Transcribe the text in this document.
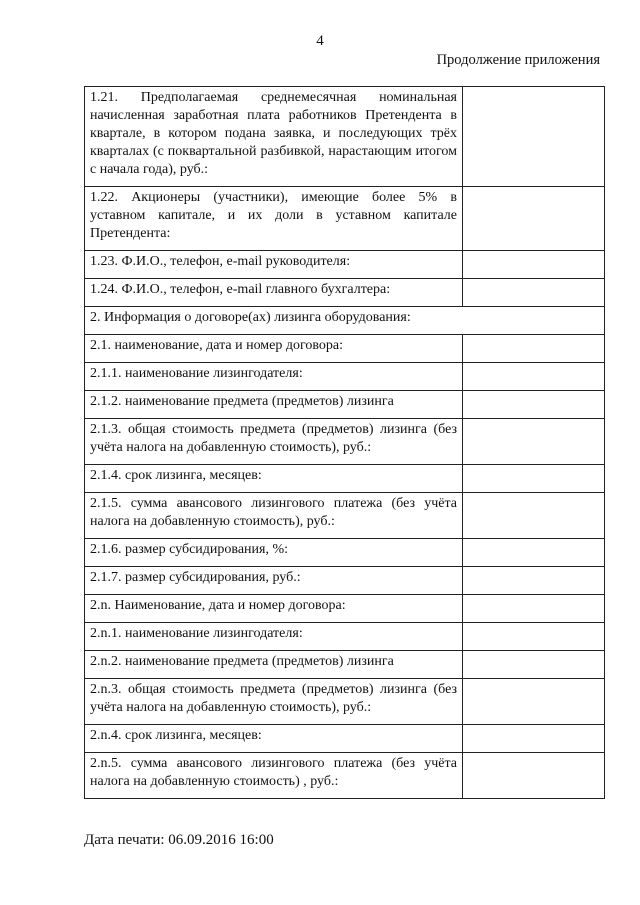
4
Продолжение приложения
1.21. Предполагаемая среднемесячная номинальная начисленная заработная плата работников Претендента в квартале, в котором подана заявка, и последующих трёх кварталах (с поквартальной разбивкой, нарастающим итогом с начала года), руб.:	
1.22. Акционеры (участники), имеющие более 5% в уставном капитале, и их доли в уставном капитале Претендента:	
1.23. Ф.И.О., телефон, e-mail руководителя:	
1.24. Ф.И.О., телефон, e-mail главного бухгалтера:	
2. Информация о договоре(ах) лизинга оборудования:	
2.1. наименование, дата и номер договора:	
2.1.1. наименование лизингодателя:	
2.1.2. наименование предмета (предметов) лизинга	
2.1.3. общая стоимость предмета (предметов) лизинга (без учёта налога на добавленную стоимость), руб.:	
2.1.4. срок лизинга, месяцев:	
2.1.5. сумма авансового лизингового платежа (без учёта налога на добавленную стоимость), руб.:	
2.1.6. размер субсидирования, %:	
2.1.7. размер субсидирования, руб.:	
2.n. Наименование, дата и номер договора:	
2.n.1. наименование лизингодателя:	
2.n.2. наименование предмета (предметов) лизинга	
2.n.3. общая стоимость предмета (предметов) лизинга (без учёта налога на добавленную стоимость), руб.:	
2.n.4. срок лизинга, месяцев:	
2.n.5. сумма авансового лизингового платежа (без учёта налога на добавленную стоимость) , руб.:	
Дата печати: 06.09.2016 16:00
